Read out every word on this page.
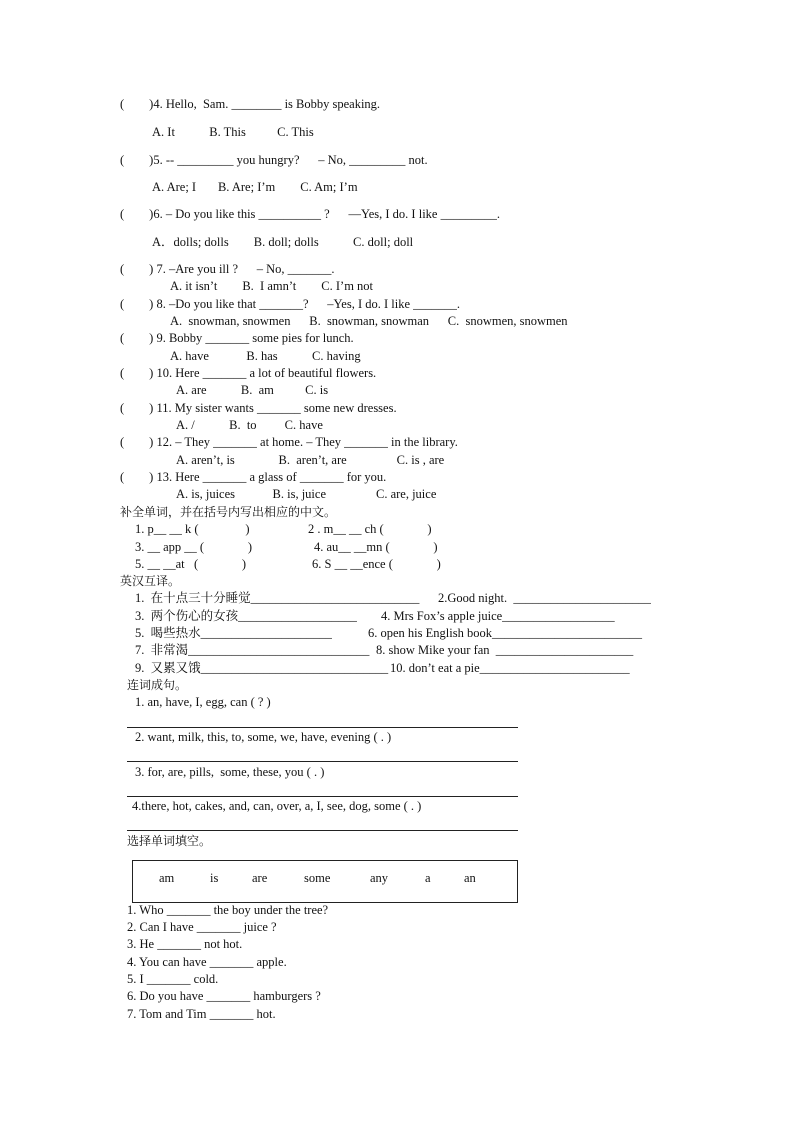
(        )4. Hello,  Sam. ________ is Bobby speaking.
A. It           B. This          C. This
(        )5. -- _________ you hungry?      – No, _________ not.
A. Are; I       B. Are; I’m        C. Am; I’m
(        )6. – Do you like this __________ ?      —Yes, I do. I like _________.
A．dolls; dolls        B. doll; dolls           C. doll; doll
(        ) 7. –Are you ill ?      – No, _______.
A. it isn’t        B.  I amn’t        C. I’m not
(        ) 8. –Do you like that _______?      –Yes, I do. I like _______.
A.  snowman, snowmen      B.  snowman, snowman      C.  snowmen, snowmen
(        ) 9. Bobby _______ some pies for lunch.
A. have            B. has           C. having
(        ) 10. Here _______ a lot of beautiful flowers.
A. are           B.  am          C. is
(        ) 11. My sister wants _______ some new dresses.
A. /           B.  to         C. have
(        ) 12. – They _______ at home. – They _______ in the library.
A. aren’t, is              B.  aren’t, are                C. is , are
(        ) 13. Here _______ a glass of _______ for you.
A. is, juices            B. is, juice                C. are, juice
补全单词，并在括号内写出相应的中文。
1. p__ __ k (               )	2 . m__ __ ch (              )
3. __ app __ (              )	4. au__ __mn (              )
5. __ __at   (              )	6. S __ __ence (              )
英汉互译。
1.  在十点三十分睡觉___________________________ 2.Good night.  ______________________
3.  两个伤心的女孩___________________ 4. Mrs Fox’s apple juice__________________
5.  喝些热水_____________________	6. open his English book________________________
7.  非常渴_____________________________ 8. show Mike your fan  ______________________
9.  又累又饿______________________________ 10. don’t eat a pie________________________
连词成句。
1. an, have, I, egg, can ( ? )
2. want, milk, this, to, some, we, have, evening ( . )
3. for, are, pills,  some, these, you ( . )
4.there, hot, cakes, and, can, over, a, I, see, dog, some ( . )
选择单词填空。
am	is	are	some	any	a	an
1. Who _______ the boy under the tree?
2. Can I have _______ juice ?
3. He _______ not hot.
4. You can have _______ apple.
5. I _______ cold.
6. Do you have _______ hamburgers ?
7. Tom and Tim _______ hot.
